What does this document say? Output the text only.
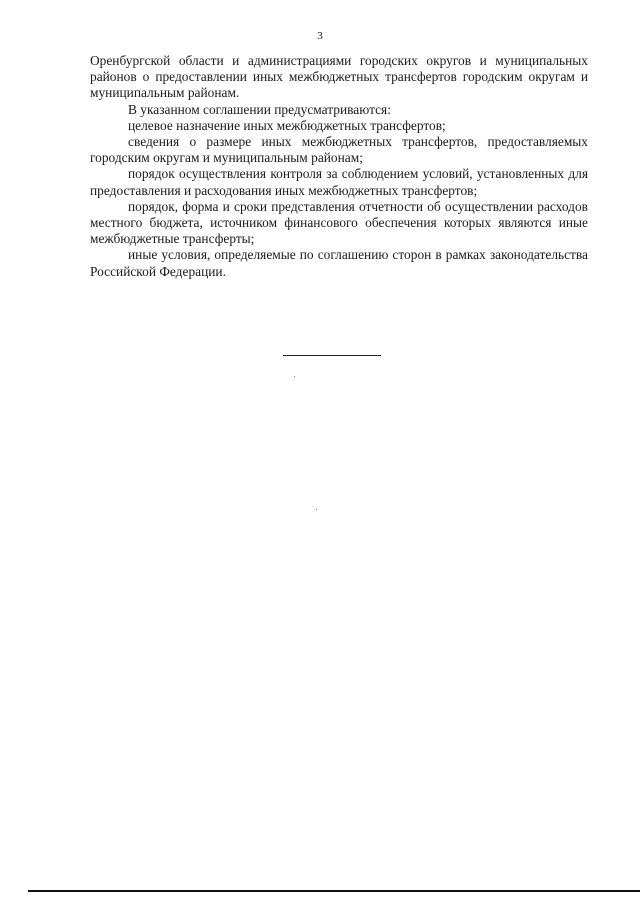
3

Оренбургской области и администрациями городских округов и муниципальных районов о предоставлении иных межбюджетных трансфертов городским округам и муниципальным районам.

В указанном соглашении предусматриваются:

целевое назначение иных межбюджетных трансфертов;

сведения о размере иных межбюджетных трансфертов, предоставляемых городским округам и муниципальным районам;

порядок осуществления контроля за соблюдением условий, установленных для предоставления и расходования иных межбюджетных трансфертов;

порядок, форма и сроки представления отчетности об осуществлении расходов местного бюджета, источником финансового обеспечения которых являются иные межбюджетные трансферты;

иные условия, определяемые по соглашению сторон в рамках законодательства Российской Федерации.
